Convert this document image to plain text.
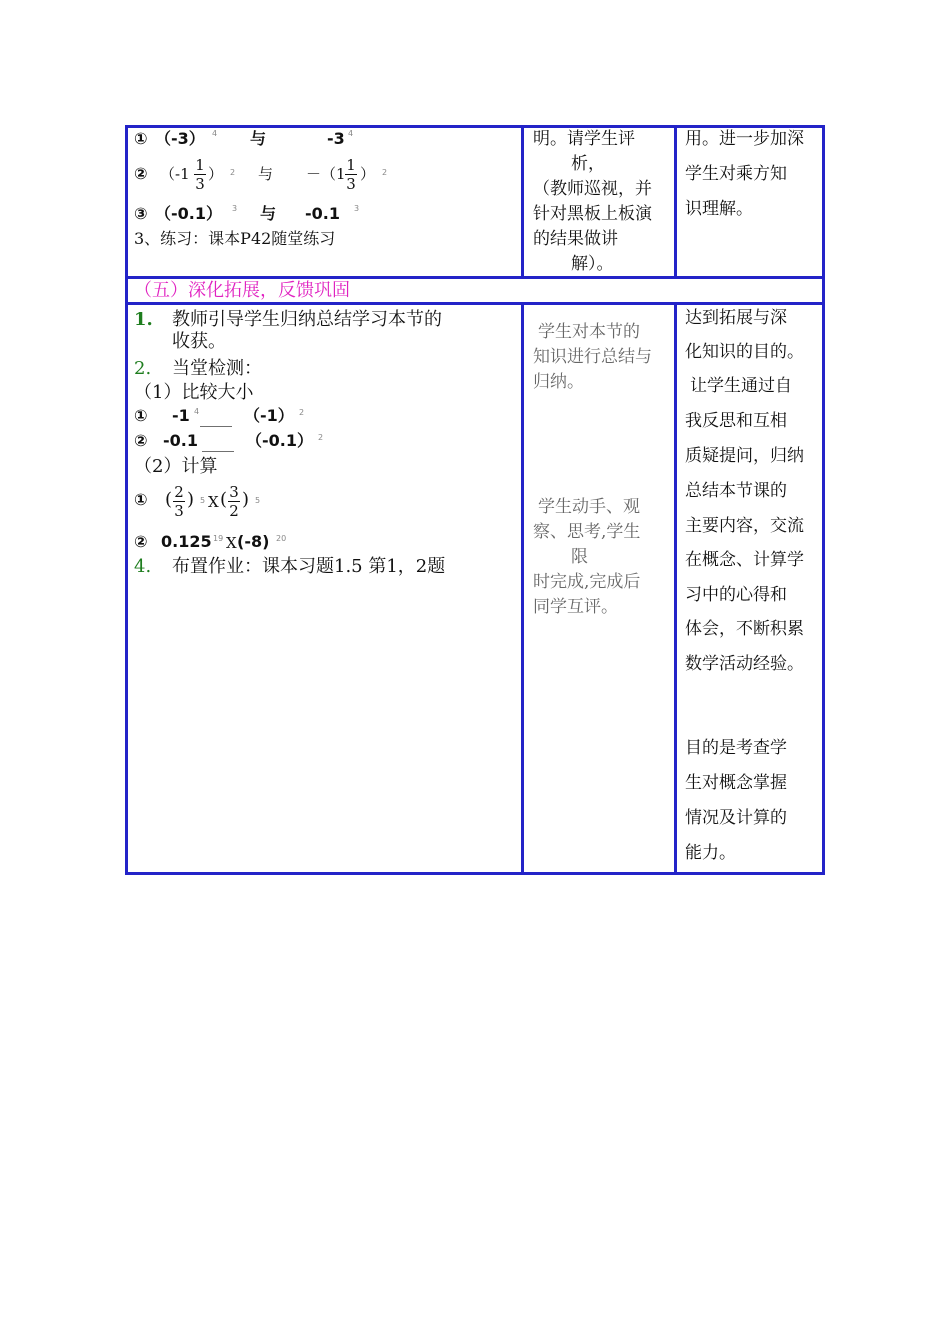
① （-3） 4 与	-3 4
② （-1 1
3
） 2 与 －（1 1
3
） 2
③ （-0.1） 3 与 -0.1 3
3、练习：课本P42随堂练习
明。请学生评
析，
（教师巡视，并
针对黑板上板演
的结果做讲
解）。
用。进一步加深
学生对乘方知
识理解。
（五）深化拓展，反馈巩固
1. 教师引导学生归纳总结学习本节的
收获。
2. 当堂检测：
（1）比较大小
① -1 4 ____ （-1） 2
② -0.1 ____ （-0.1） 2
（2）计算
① ( 2
3
) 5 X ( 3
2
) 5
② 0.125 19 X (-8) 20
4. 布置作业：课本习题1.5 第1，2题
学生对本节的
知识进行总结与
归纳。
学生动手、观
察、思考,学生
限
时完成,完成后
同学互评。
达到拓展与深
化知识的目的。
让学生通过自
我反思和互相
质疑提问，归纳
总结本节课的
主要内容，交流
在概念、计算学
习中的心得和
体会，不断积累
数学活动经验。
目的是考查学
生对概念掌握
情况及计算的
能力。
